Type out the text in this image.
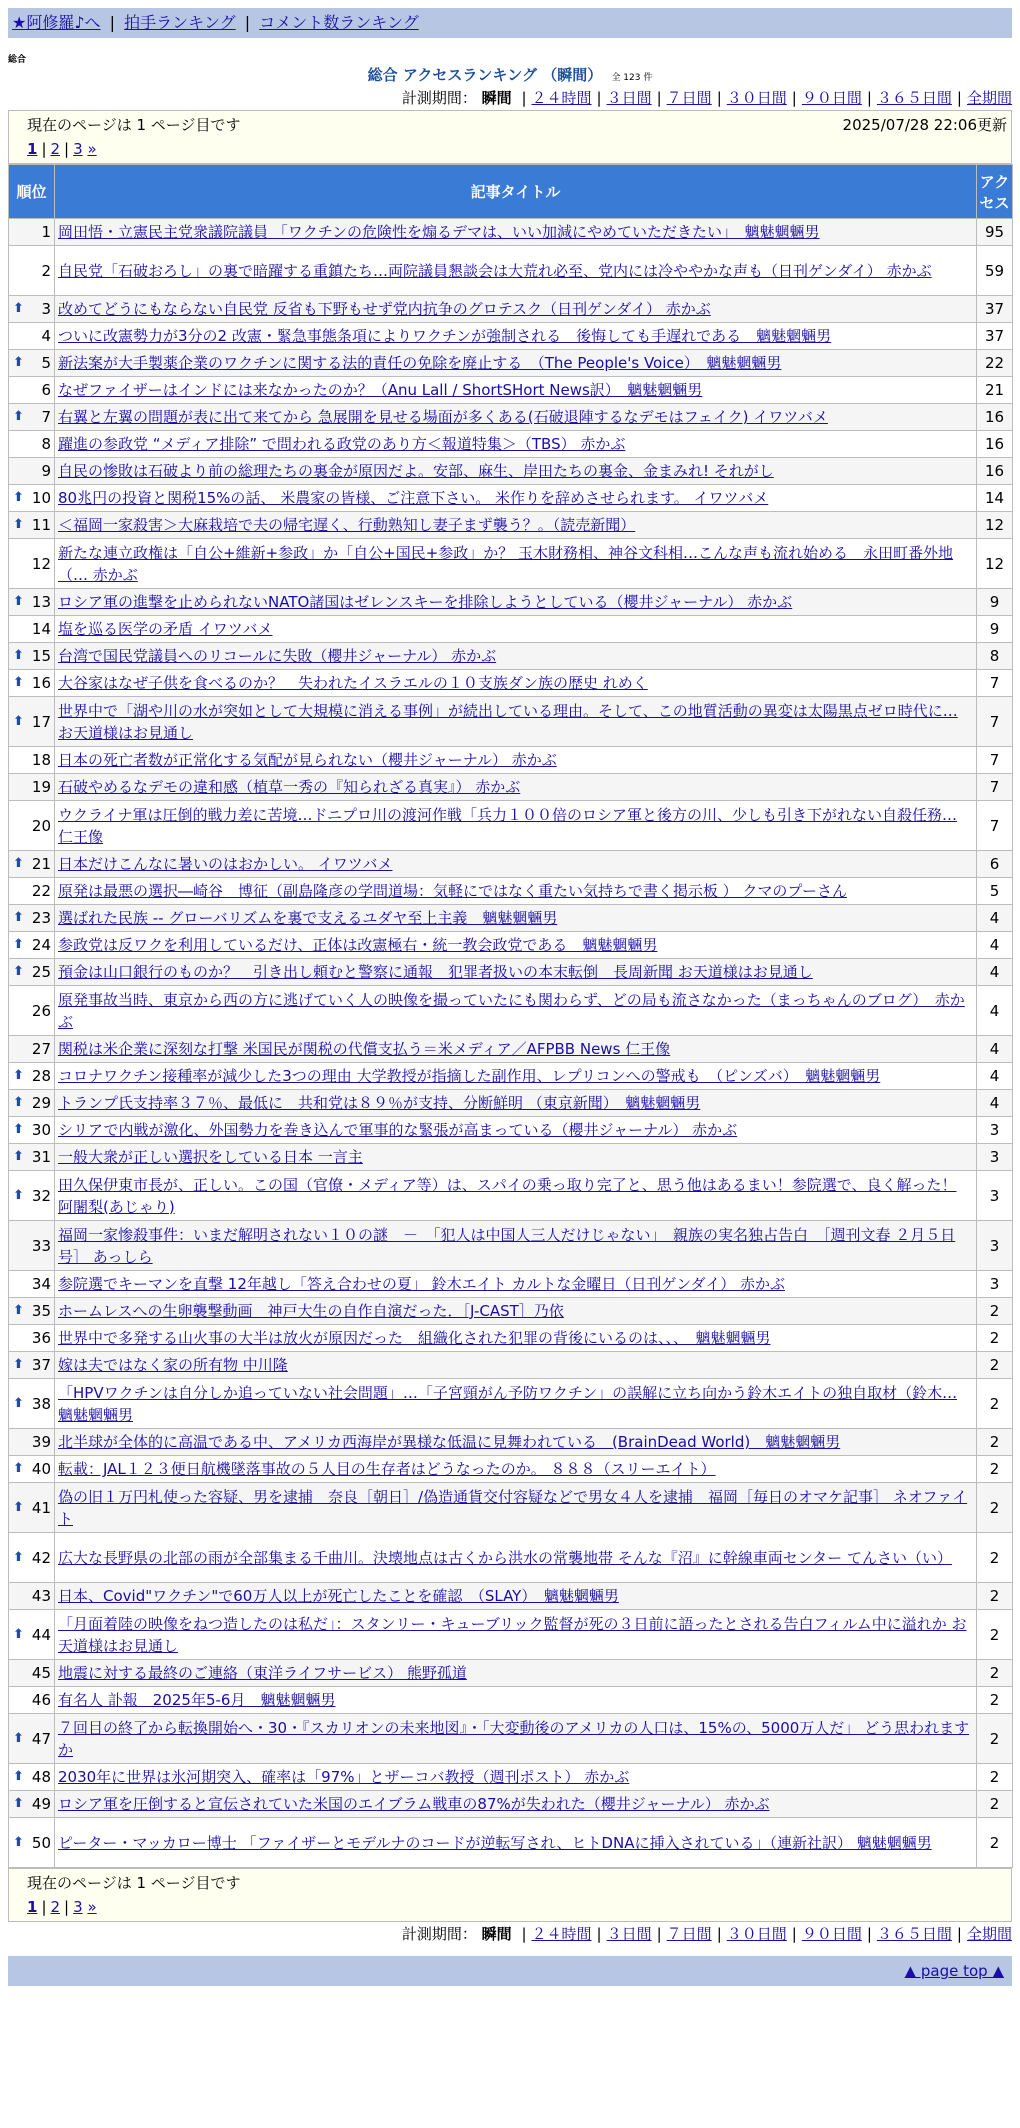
★阿修羅♪へ | 拍手ランキング | コメント数ランキング
総合
総合 アクセスランキング （瞬間） 全 123 件
計測期間： 瞬間 | ２４時間 | ３日間 | ７日間 | ３０日間 | ９０日間 | ３６５日間 | 全期間
現在のページは 1 ページ目です	2025/07/28 22:06更新
1 | 2 | 3 »
順位	記事タイトル	アクセス
1	岡田悟・立憲民主党衆議院議員 「ワクチンの危険性を煽るデマは、いい加減にやめていただきたい」　魑魅魍魎男	95
2	自民党「石破おろし」の裏で暗躍する重鎮たち…両院議員懇談会は大荒れ必至、党内には冷ややかな声も（日刊ゲンダイ） 赤かぶ	59

⬆ 3	改めてどうにもならない自民党 反省も下野もせず党内抗争のグロテスク（日刊ゲンダイ） 赤かぶ	37
4	ついに改憲勢力が3分の2 改憲・緊急事態条項によりワクチンが強制される　後悔しても手遅れである　魑魅魍魎男	37

⬆ 5	新法案が大手製薬企業のワクチンに関する法的責任の免除を廃止する　（The People's Voice）　魑魅魍魎男	22
6	なぜファイザーはインドには来なかったのか？（Anu Lall / ShortSHort News訳）　魑魅魍魎男	21

⬆ 7	右翼と左翼の問題が表に出て来てから 急展開を見せる場面が多くある(石破退陣するなデモはフェイク) イワツバメ	16
8	躍進の参政党 “メディア排除” で問われる政党のあり方＜報道特集＞（TBS） 赤かぶ	16
9	自民の惨敗は石破より前の総理たちの裏金が原因だよ。安部、麻生、岸田たちの裏金、金まみれ! それがし	16

⬆ 10	80兆円の投資と関税15%の話、 米農家の皆様、ご注意下さい。 米作りを辞めさせられます。 イワツバメ	14

⬆ 11	＜福岡一家殺害＞大麻栽培で夫の帰宅遅く、行動熟知し妻子まず襲う？。（読売新聞）	12
12	新たな連立政権は「自公+維新+参政」か「自公+国民+参政」か？ 玉木財務相、神谷文科相…こんな声も流れ始める　永田町番外地（… 赤かぶ	12

⬆ 13	ロシア軍の進撃を止められないNATO諸国はゼレンスキーを排除しようとしている（櫻井ジャーナル） 赤かぶ	9
14	塩を巡る医学の矛盾 イワツバメ	9

⬆ 15	台湾で国民党議員へのリコールに失敗（櫻井ジャーナル） 赤かぶ	8

⬆ 16	大谷家はなぜ子供を食べるのか？　失われたイスラエルの１０支族ダン族の歴史 れめく	7

⬆ 17	世界中で「湖や川の水が突如として大規模に消える事例」が続出している理由。そして、この地質活動の異変は太陽黒点ゼロ時代に… お天道様はお見通し	7
18	日本の死亡者数が正常化する気配が見られない（櫻井ジャーナル） 赤かぶ	7
19	石破やめるなデモの違和感（植草一秀の『知られざる真実』） 赤かぶ	7
20	ウクライナ軍は圧倒的戦力差に苦境…ドニプロ川の渡河作戦「兵力１００倍のロシア軍と後方の川、少しも引き下がれない自殺任務… 仁王像	7

⬆ 21	日本だけこんなに暑いのはおかしい。 イワツバメ	6
22	原発は最悪の選択―崎谷　博征（副島隆彦の学問道場：気軽にではなく重たい気持ちで書く掲示板 ） クマのプーさん	5

⬆ 23	選ばれた民族 -- グローバリズムを裏で支えるユダヤ至上主義　魑魅魍魎男	4

⬆ 24	参政党は反ワクを利用しているだけ、正体は改憲極右・統一教会政党である　魑魅魍魎男	4

⬆ 25	預金は山口銀行のものか？　引き出し頼むと警察に通報　犯罪者扱いの本末転倒　長周新聞 お天道様はお見通し	4
26	原発事故当時、東京から西の方に逃げていく人の映像を撮っていたにも関わらず、どの局も流さなかった（まっちゃんのブログ）　赤かぶ	4
27	関税は米企業に深刻な打撃 米国民が関税の代償支払う＝米メディア／AFPBB News 仁王像	4

⬆ 28	コロナワクチン接種率が減少した3つの理由 大学教授が指摘した副作用、レプリコンへの警戒も　（ピンズバ）　魑魅魍魎男	4

⬆ 29	トランプ氏支持率３７％、最低に　共和党は８９％が支持、分断鮮明 （東京新聞）　魑魅魍魎男	4

⬆ 30	シリアで内戦が激化、外国勢力を巻き込んで軍事的な緊張が高まっている（櫻井ジャーナル） 赤かぶ	3

⬆ 31	一般大衆が正しい選択をしている日本 一言主	3

⬆ 32	田久保伊東市長が、正しい。この国（官僚・メディア等）は、スパイの乗っ取り完了と、思う他はあるまい！参院選で、良く解った！ 阿闍梨(あじゃり)	3
33	福岡一家惨殺事件：いまだ解明されない１０の謎　－　「犯人は中国人三人だけじゃない」　親族の実名独占告白　［週刊文春 ２月５日号］ あっしら	3
34	参院選でキーマンを直撃 12年越し「答え合わせの夏」 鈴木エイト カルトな金曜日（日刊ゲンダイ） 赤かぶ	3

⬆ 35	ホームレスへの生卵襲撃動画　神戸大生の自作自演だった．［J-CAST］乃依	2
36	世界中で多発する山火事の大半は放火が原因だった　組織化された犯罪の背後にいるのは、、、　魑魅魍魎男	2

⬆ 37	嫁は夫ではなく家の所有物 中川隆	2

⬆ 38	「HPVワクチンは自分しか追っていない社会問題」…「子宮頸がん予防ワクチン」の誤解に立ち向かう鈴木エイトの独自取材（鈴木… 魑魅魍魎男	2
39	北半球が全体的に高温である中、アメリカ西海岸が異様な低温に見舞われている　(BrainDead World)　魑魅魍魎男	2

⬆ 40	転載：JAL１２３便日航機墜落事故の５人目の生存者はどうなったのか。 ８８８（スリーエイト）	2

⬆ 41	偽の旧１万円札使った容疑、男を逮捕　奈良［朝日］/偽造通貨交付容疑などで男女４人を逮捕　福岡［毎日のオマケ記事］ ネオファイト	2

⬆ 42	広大な長野県の北部の雨が全部集まる千曲川。決壊地点は古くから洪水の常襲地帯 そんな『沼』に幹線車両センター てんさい（い）	2
43	日本、Covid"ワクチン"で60万人以上が死亡したことを確認　（SLAY）　魑魅魍魎男	2

⬆ 44	「月面着陸の映像をねつ造したのは私だ」：スタンリー・キューブリック監督が死の３日前に語ったとされる告白フィルム中に溢れか お天道様はお見通し	2
45	地震に対する最終のご連絡（東洋ライフサービス） 熊野孤道	2
46	有名人 訃報　2025年5-6月　魑魅魍魎男	2

⬆ 47	７回目の終了から転換開始へ・30・『スカリオンの未来地図』・「大変動後のアメリカの人口は、15%の、5000万人だ」 どう思われますか	2

⬆ 48	2030年に世界は氷河期突入、確率は「97%」とザーコバ教授（週刊ポスト） 赤かぶ	2

⬆ 49	ロシア軍を圧倒すると宣伝されていた米国のエイブラム戦車の87%が失われた（櫻井ジャーナル） 赤かぶ	2

⬆ 50	ピーター・マッカロー博士 「ファイザーとモデルナのコードが逆転写され、ヒトDNAに挿入されている」（連新社訳） 魑魅魍魎男	2
現在のページは 1 ページ目です
1 | 2 | 3 »
計測期間： 瞬間 | ２４時間 | ３日間 | ７日間 | ３０日間 | ９０日間 | ３６５日間 | 全期間
▲ page top ▲
